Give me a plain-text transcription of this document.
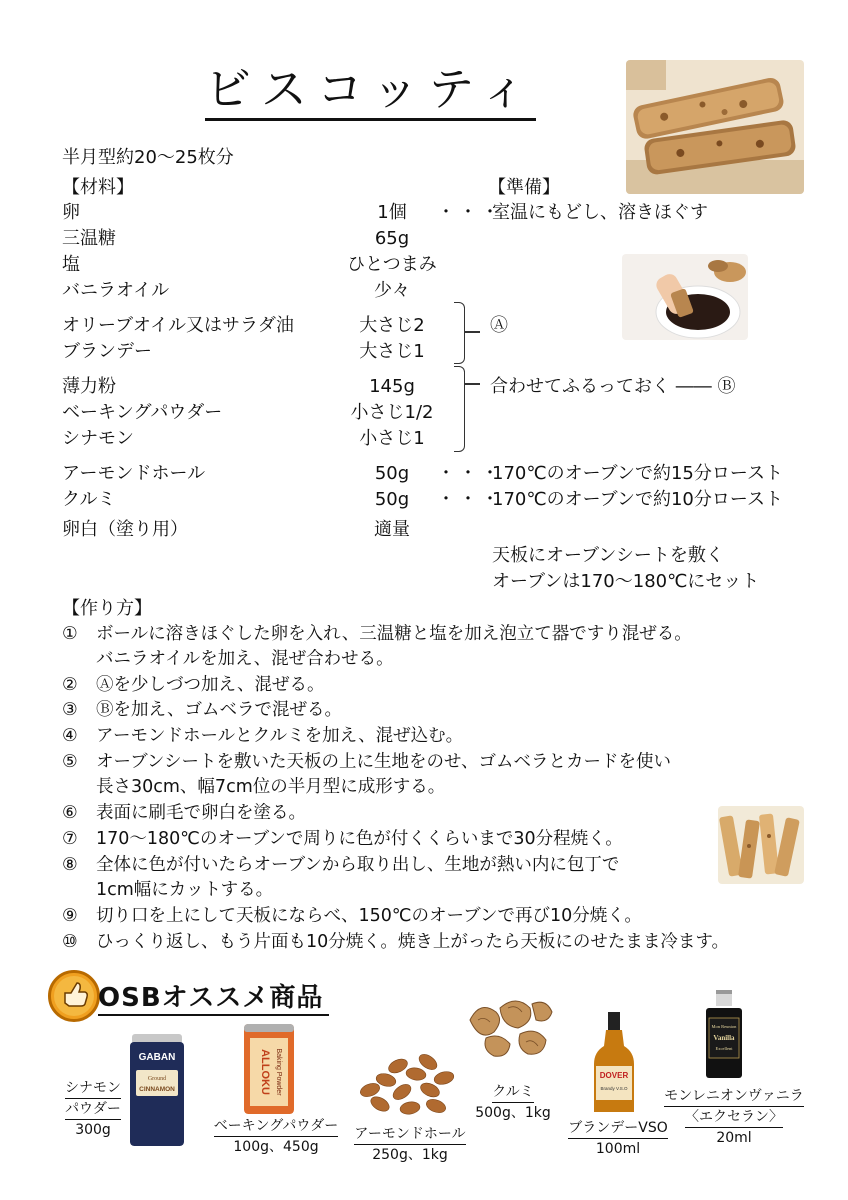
ビスコッティ
半月型約20～25枚分
【材料】	【準備】
卵	1個	・・・
室温にもどし、溶きほぐす
三温糖	65g
塩	ひとつまみ
バニラオイル	少々
オリーブオイル又はサラダ油	大さじ2
ブランデー	大さじ1
Ⓐ
薄力粉	145g
ベーキングパウダー	小さじ1/2
シナモン	小さじ1
合わせてふるっておく ―― Ⓑ
アーモンドホール	50g	・・・
170℃のオーブンで約15分ロースト
クルミ	50g	・・・
170℃のオーブンで約10分ロースト
卵白（塗り用）	適量
天板にオーブンシートを敷く
オーブンは170～180℃にセット
【作り方】
① ボールに溶きほぐした卵を入れ、三温糖と塩を加え泡立て器ですり混ぜる。
バニラオイルを加え、混ぜ合わせる。
② Ⓐを少しづつ加え、混ぜる。
③ Ⓑを加え、ゴムベラで混ぜる。
④ アーモンドホールとクルミを加え、混ぜ込む。
⑤ オーブンシートを敷いた天板の上に生地をのせ、ゴムベラとカードを使い
長さ30cm、幅7cm位の半月型に成形する。
⑥ 表面に刷毛で卵白を塗る。
⑦ 170～180℃のオーブンで周りに色が付くくらいまで30分程焼く。
⑧ 全体に色が付いたらオーブンから取り出し、生地が熱い内に包丁で
1cm幅にカットする。
⑨ 切り口を上にして天板にならべ、150℃のオーブンで再び10分焼く。
⑩ ひっくり返し、もう片面も10分焼く。焼き上がったら天板にのせたまま冷ます。
OSBオススメ商品
GABAN
Ground
CINNAMON
シナモン
パウダー
300g
ALLOKU Baking Powder
ベーキングパウダー
100g、450g
アーモンドホール
250g、1kg
クルミ
500g、1kg
DOVER
Brandy V.S.O
ブランデーVSO
100ml
Mon Reunion
Vanilla
Excellent
モンレニオンヴァニラ
〈エクセラン〉
20ml
